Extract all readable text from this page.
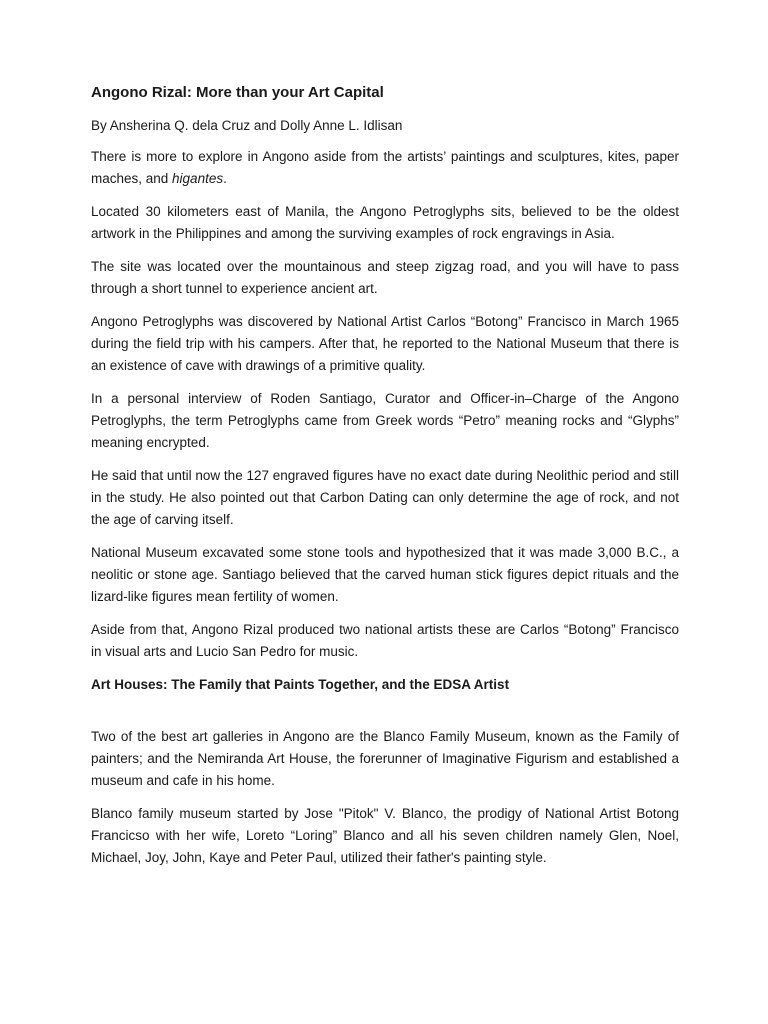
Angono Rizal: More than your Art Capital
By Ansherina Q. dela Cruz and Dolly Anne L. Idlisan

There is more to explore in Angono aside from the artists’ paintings and sculptures, kites, paper maches, and higantes.

Located 30 kilometers east of Manila, the Angono Petroglyphs sits, believed to be the oldest artwork in the Philippines and among the surviving examples of rock engravings in Asia.

The site was located over the mountainous and steep zigzag road, and you will have to pass through a short tunnel to experience ancient art.

Angono Petroglyphs was discovered by National Artist Carlos “Botong” Francisco in March 1965 during the field trip with his campers. After that, he reported to the National Museum that there is an existence of cave with drawings of a primitive quality.

In a personal interview of Roden Santiago, Curator and Officer-in–Charge of the Angono Petroglyphs, the term Petroglyphs came from Greek words “Petro” meaning rocks and “Glyphs” meaning encrypted.

He said that until now the 127 engraved figures have no exact date during Neolithic period and still in the study. He also pointed out that Carbon Dating can only determine the age of rock, and not the age of carving itself.

National Museum excavated some stone tools and hypothesized that it was made 3,000 B.C., a neolitic or stone age. Santiago believed that the carved human stick figures depict rituals and the lizard-like figures mean fertility of women.

Aside from that, Angono Rizal produced two national artists these are Carlos “Botong” Francisco in visual arts and Lucio San Pedro for music.

Art Houses: The Family that Paints Together, and the EDSA Artist

Two of the best art galleries in Angono are the Blanco Family Museum, known as the Family of painters; and the Nemiranda Art House, the forerunner of Imaginative Figurism and established a museum and cafe in his home.

Blanco family museum started by Jose "Pitok" V. Blanco, the prodigy of National Artist Botong Francicso with her wife, Loreto “Loring” Blanco and all his seven children namely Glen, Noel, Michael, Joy, John, Kaye and Peter Paul, utilized their father's painting style.
